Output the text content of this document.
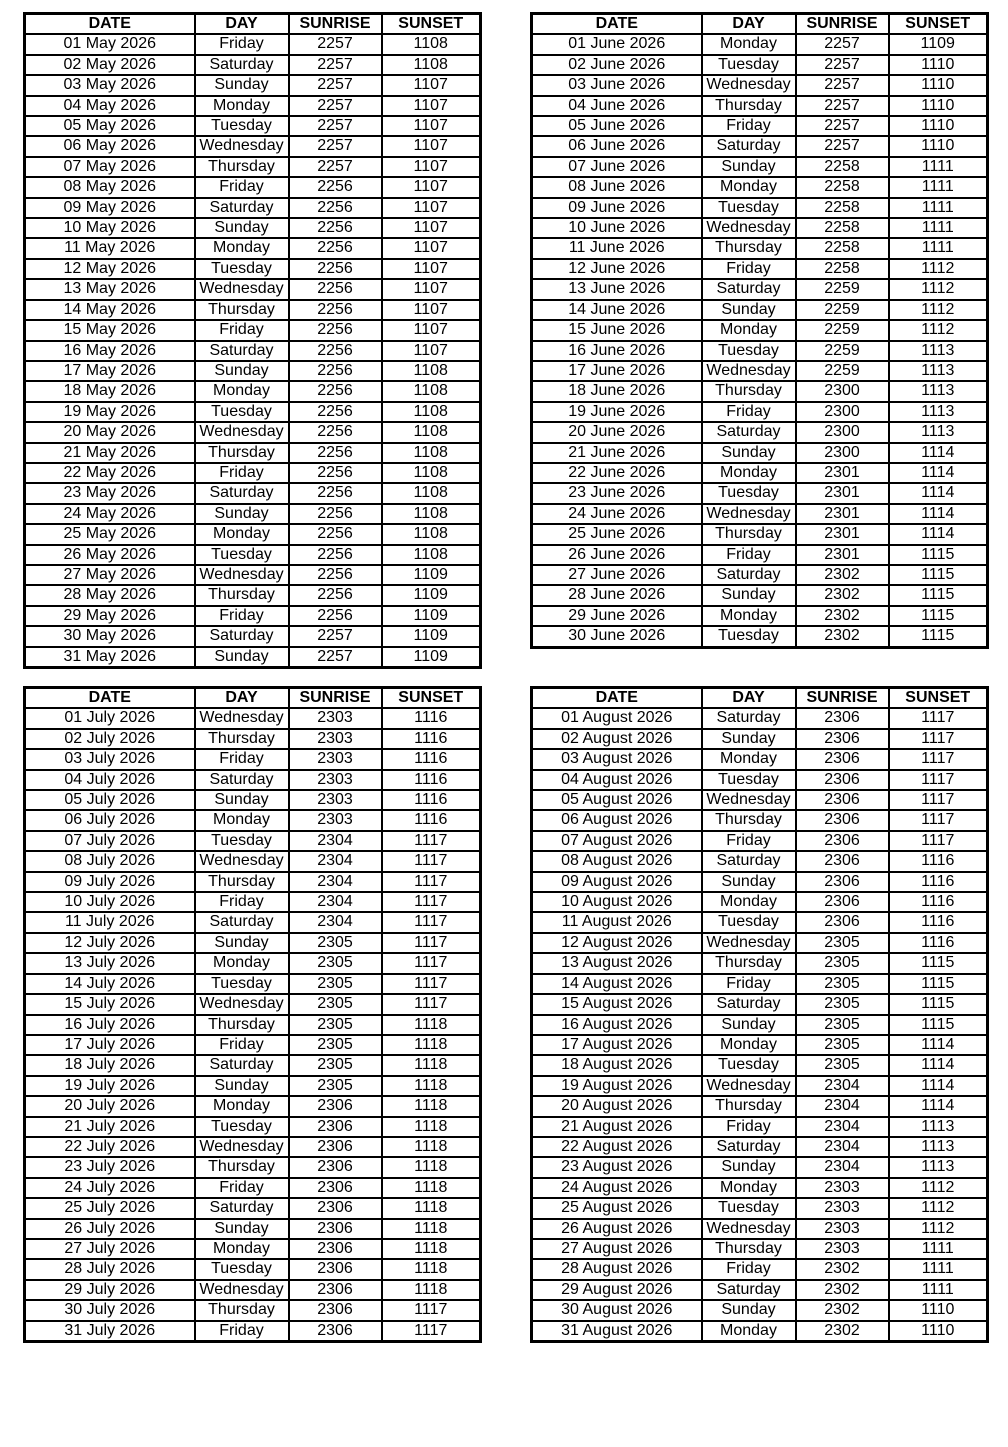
DATE	DAY	SUNRISE	SUNSET
01 May 2026	Friday	2257	1108
02 May 2026	Saturday	2257	1108
03 May 2026	Sunday	2257	1107
04 May 2026	Monday	2257	1107
05 May 2026	Tuesday	2257	1107
06 May 2026	Wednesday	2257	1107
07 May 2026	Thursday	2257	1107
08 May 2026	Friday	2256	1107
09 May 2026	Saturday	2256	1107
10 May 2026	Sunday	2256	1107
11 May 2026	Monday	2256	1107
12 May 2026	Tuesday	2256	1107
13 May 2026	Wednesday	2256	1107
14 May 2026	Thursday	2256	1107
15 May 2026	Friday	2256	1107
16 May 2026	Saturday	2256	1107
17 May 2026	Sunday	2256	1108
18 May 2026	Monday	2256	1108
19 May 2026	Tuesday	2256	1108
20 May 2026	Wednesday	2256	1108
21 May 2026	Thursday	2256	1108
22 May 2026	Friday	2256	1108
23 May 2026	Saturday	2256	1108
24 May 2026	Sunday	2256	1108
25 May 2026	Monday	2256	1108
26 May 2026	Tuesday	2256	1108
27 May 2026	Wednesday	2256	1109
28 May 2026	Thursday	2256	1109
29 May 2026	Friday	2256	1109
30 May 2026	Saturday	2257	1109
31 May 2026	Sunday	2257	1109
DATE	DAY	SUNRISE	SUNSET
01 June 2026	Monday	2257	1109
02 June 2026	Tuesday	2257	1110
03 June 2026	Wednesday	2257	1110
04 June 2026	Thursday	2257	1110
05 June 2026	Friday	2257	1110
06 June 2026	Saturday	2257	1110
07 June 2026	Sunday	2258	1111
08 June 2026	Monday	2258	1111
09 June 2026	Tuesday	2258	1111
10 June 2026	Wednesday	2258	1111
11 June 2026	Thursday	2258	1111
12 June 2026	Friday	2258	1112
13 June 2026	Saturday	2259	1112
14 June 2026	Sunday	2259	1112
15 June 2026	Monday	2259	1112
16 June 2026	Tuesday	2259	1113
17 June 2026	Wednesday	2259	1113
18 June 2026	Thursday	2300	1113
19 June 2026	Friday	2300	1113
20 June 2026	Saturday	2300	1113
21 June 2026	Sunday	2300	1114
22 June 2026	Monday	2301	1114
23 June 2026	Tuesday	2301	1114
24 June 2026	Wednesday	2301	1114
25 June 2026	Thursday	2301	1114
26 June 2026	Friday	2301	1115
27 June 2026	Saturday	2302	1115
28 June 2026	Sunday	2302	1115
29 June 2026	Monday	2302	1115
30 June 2026	Tuesday	2302	1115
DATE	DAY	SUNRISE	SUNSET
01 July 2026	Wednesday	2303	1116
02 July 2026	Thursday	2303	1116
03 July 2026	Friday	2303	1116
04 July 2026	Saturday	2303	1116
05 July 2026	Sunday	2303	1116
06 July 2026	Monday	2303	1116
07 July 2026	Tuesday	2304	1117
08 July 2026	Wednesday	2304	1117
09 July 2026	Thursday	2304	1117
10 July 2026	Friday	2304	1117
11 July 2026	Saturday	2304	1117
12 July 2026	Sunday	2305	1117
13 July 2026	Monday	2305	1117
14 July 2026	Tuesday	2305	1117
15 July 2026	Wednesday	2305	1117
16 July 2026	Thursday	2305	1118
17 July 2026	Friday	2305	1118
18 July 2026	Saturday	2305	1118
19 July 2026	Sunday	2305	1118
20 July 2026	Monday	2306	1118
21 July 2026	Tuesday	2306	1118
22 July 2026	Wednesday	2306	1118
23 July 2026	Thursday	2306	1118
24 July 2026	Friday	2306	1118
25 July 2026	Saturday	2306	1118
26 July 2026	Sunday	2306	1118
27 July 2026	Monday	2306	1118
28 July 2026	Tuesday	2306	1118
29 July 2026	Wednesday	2306	1118
30 July 2026	Thursday	2306	1117
31 July 2026	Friday	2306	1117
DATE	DAY	SUNRISE	SUNSET
01 August 2026	Saturday	2306	1117
02 August 2026	Sunday	2306	1117
03 August 2026	Monday	2306	1117
04 August 2026	Tuesday	2306	1117
05 August 2026	Wednesday	2306	1117
06 August 2026	Thursday	2306	1117
07 August 2026	Friday	2306	1117
08 August 2026	Saturday	2306	1116
09 August 2026	Sunday	2306	1116
10 August 2026	Monday	2306	1116
11 August 2026	Tuesday	2306	1116
12 August 2026	Wednesday	2305	1116
13 August 2026	Thursday	2305	1115
14 August 2026	Friday	2305	1115
15 August 2026	Saturday	2305	1115
16 August 2026	Sunday	2305	1115
17 August 2026	Monday	2305	1114
18 August 2026	Tuesday	2305	1114
19 August 2026	Wednesday	2304	1114
20 August 2026	Thursday	2304	1114
21 August 2026	Friday	2304	1113
22 August 2026	Saturday	2304	1113
23 August 2026	Sunday	2304	1113
24 August 2026	Monday	2303	1112
25 August 2026	Tuesday	2303	1112
26 August 2026	Wednesday	2303	1112
27 August 2026	Thursday	2303	1111
28 August 2026	Friday	2302	1111
29 August 2026	Saturday	2302	1111
30 August 2026	Sunday	2302	1110
31 August 2026	Monday	2302	1110
